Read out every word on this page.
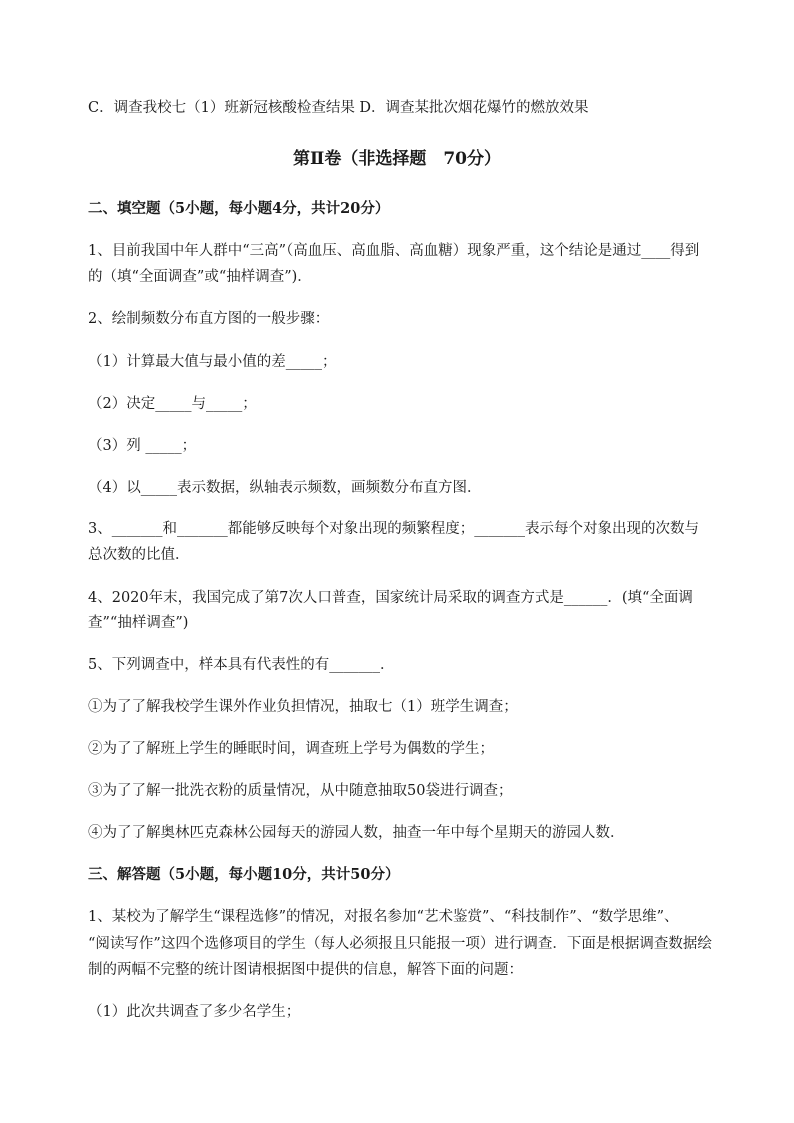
C．调查我校七（1）班新冠核酸检查结果 D．调查某批次烟花爆竹的燃放效果
第Ⅱ卷（非选择题　70分）
二、填空题（5小题，每小题4分，共计20分）
1、目前我国中年人群中“三高”（高血压、高血脂、高血糖）现象严重，这个结论是通过____得到
的（填“全面调查”或“抽样调查”)．
2、绘制频数分布直方图的一般步骤：
（1）计算最大值与最小值的差_____；
（2）决定_____与_____；
（3）列 _____；
（4）以_____表示数据，纵轴表示频数，画频数分布直方图．
3、_______和_______都能够反映每个对象出现的频繁程度；_______表示每个对象出现的次数与
总次数的比值．
4、2020年末，我国完成了第7次人口普查，国家统计局采取的调查方式是______．(填“全面调
查”“抽样调查”)
5、下列调查中，样本具有代表性的有_______．
①为了了解我校学生课外作业负担情况，抽取七（1）班学生调查；
②为了了解班上学生的睡眠时间，调查班上学号为偶数的学生；
③为了了解一批洗衣粉的质量情况，从中随意抽取50袋进行调查；
④为了了解奥林匹克森林公园每天的游园人数，抽查一年中每个星期天的游园人数．
三、解答题（5小题，每小题10分，共计50分）
1、某校为了解学生“课程选修”的情况，对报名参加“艺术鉴赏”、“科技制作”、“数学思维”、
“阅读写作”这四个选修项目的学生（每人必须报且只能报一项）进行调查．下面是根据调查数据绘
制的两幅不完整的统计图请根据图中提供的信息，解答下面的问题：
（1）此次共调查了多少名学生；
